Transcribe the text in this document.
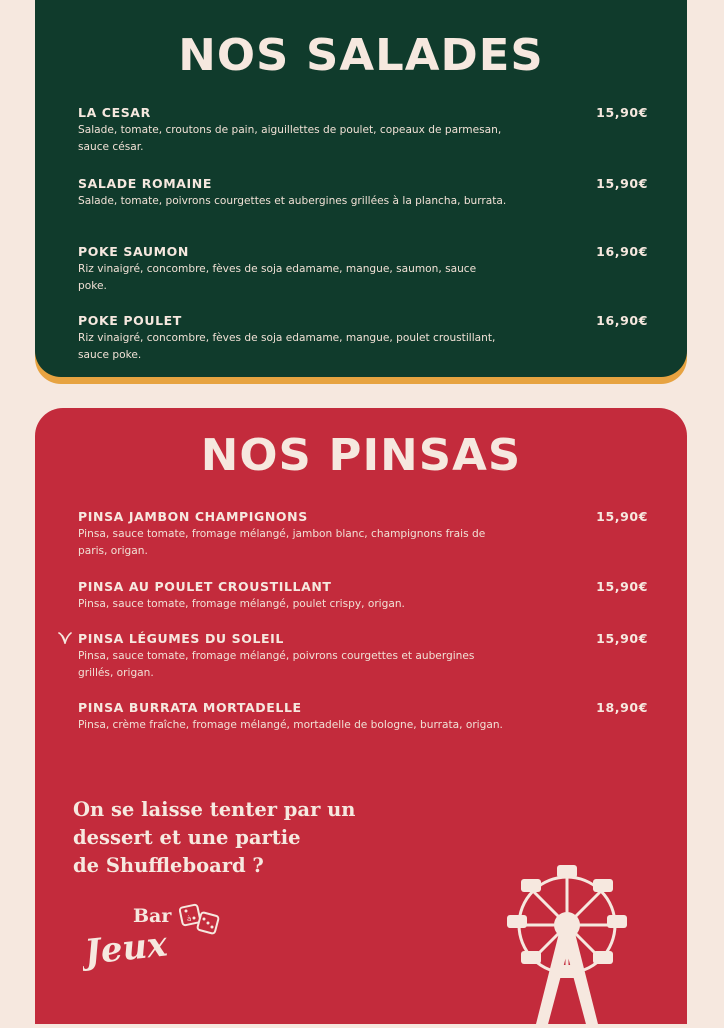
NOS SALADES
LA CESAR
Salade, tomate, croutons de pain, aiguillettes de poulet, copeaux de parmesan, sauce césar.
15,90€
SALADE ROMAINE
Salade, tomate, poivrons courgettes et aubergines grillées à la plancha, burrata.
15,90€
POKE SAUMON
Riz vinaigré, concombre, fèves de soja edamame, mangue, saumon, sauce poke.
16,90€
POKE POULET
Riz vinaigré, concombre, fèves de soja edamame, mangue, poulet croustillant, sauce poke.
16,90€
NOS PINSAS
PINSA JAMBON CHAMPIGNONS
Pinsa, sauce tomate, fromage mélangé, jambon blanc, champignons frais de paris, origan.
15,90€
PINSA AU POULET CROUSTILLANT
Pinsa, sauce tomate, fromage mélangé, poulet crispy, origan.
15,90€
PINSA LÉGUMES DU SOLEIL
Pinsa, sauce tomate, fromage mélangé, poivrons courgettes et aubergines grillés, origan.
15,90€
PINSA BURRATA MORTADELLE
Pinsa, crème fraîche, fromage mélangé, mortadelle de bologne, burrata, origan.
18,90€
On se laisse tenter par un
dessert et une partie
de Shuffleboard ?
Bar à
Jeux
